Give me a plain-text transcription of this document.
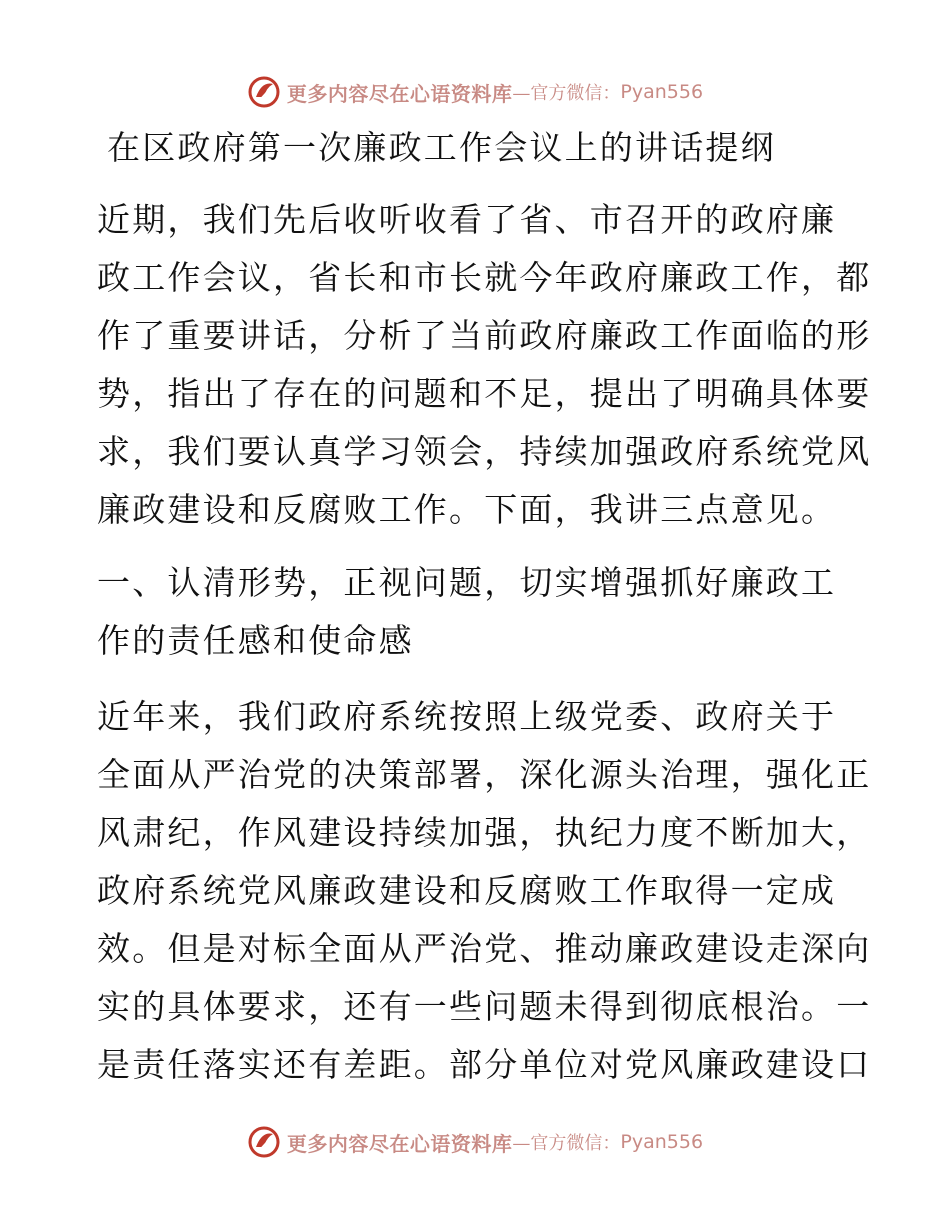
更多内容尽在心语资料库 —官方微信： Pyan556
在区政府第一次廉政工作会议上的讲话提纲
近期，我们先后收听收看了省、市召开的政府廉
政工作会议，省长和市长就今年政府廉政工作，都
作了重要讲话，分析了当前政府廉政工作面临的形
势，指出了存在的问题和不足，提出了明确具体要
求，我们要认真学习领会，持续加强政府系统党风
廉政建设和反腐败工作。下面，我讲三点意见。
一、认清形势，正视问题，切实增强抓好廉政工
作的责任感和使命感
近年来，我们政府系统按照上级党委、政府关于
全面从严治党的决策部署，深化源头治理，强化正
风肃纪，作风建设持续加强，执纪力度不断加大，
政府系统党风廉政建设和反腐败工作取得一定成
效。但是对标全面从严治党、推动廉政建设走深向
实的具体要求，还有一些问题未得到彻底根治。一
是责任落实还有差距。部分单位对党风廉政建设口
更多内容尽在心语资料库 —官方微信： Pyan556
